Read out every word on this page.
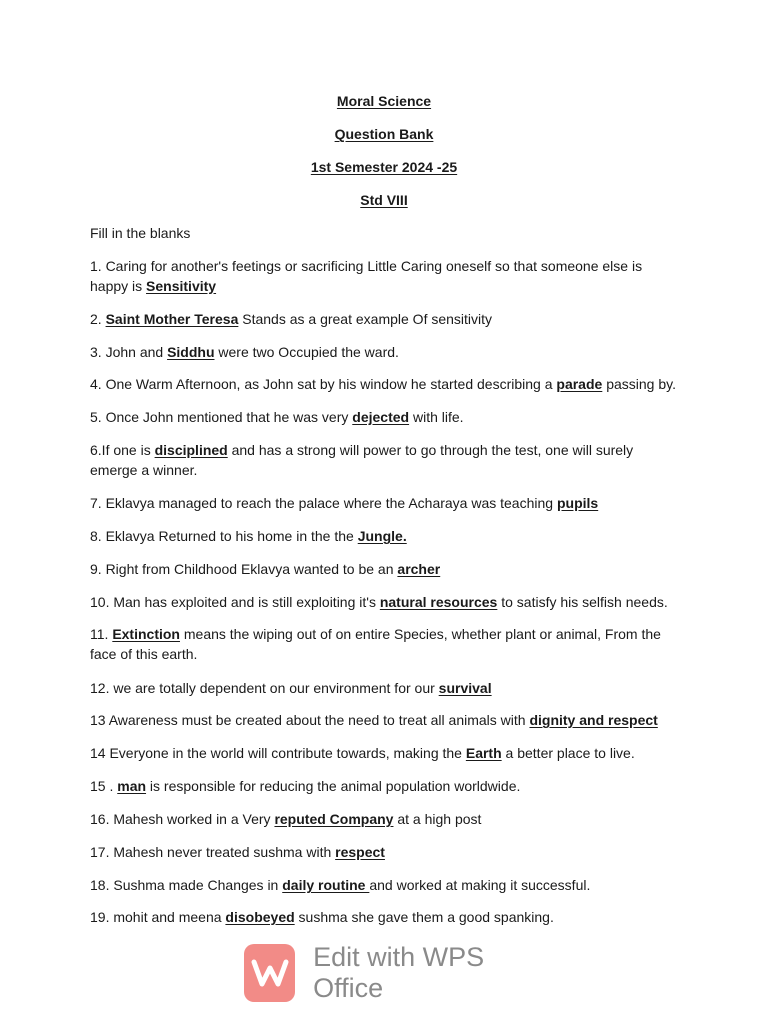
Moral Science
Question Bank
1st Semester 2024 -25
Std VIII
Fill in the blanks
1. Caring for another's feetings or sacrificing Little Caring oneself so that someone else is happy is Sensitivity
2. Saint Mother Teresa Stands as a great example Of sensitivity
3. John and Siddhu were two Occupied the ward.
4. One Warm Afternoon, as John sat by his window he started describing a parade passing by.
5. Once John mentioned that he was very dejected with life.
6.If one is disciplined and has a strong will power to go through the test, one will surely emerge a winner.
7. Eklavya managed to reach the palace where the Acharaya was teaching pupils
8. Eklavya Returned to his home in the the Jungle.
9. Right from Childhood Eklavya wanted to be an archer
10. Man has exploited and is still exploiting it's natural resources to satisfy his selfish needs.
11. Extinction means the wiping out of on entire Species, whether plant or animal, From the face of this earth.
12. we are totally dependent on our environment for our survival
13 Awareness must be created about the need to treat all animals with dignity and respect
14 Everyone in the world will contribute towards, making the Earth a better place to live.
15 . man is responsible for reducing the animal population worldwide.
16. Mahesh worked in a Very reputed Company at a high post
17. Mahesh never treated sushma with respect
18. Sushma made Changes in daily routine and worked at making it successful.
19. mohit and meena disobeyed sushma she gave them a good spanking.
Edit with WPS Office
